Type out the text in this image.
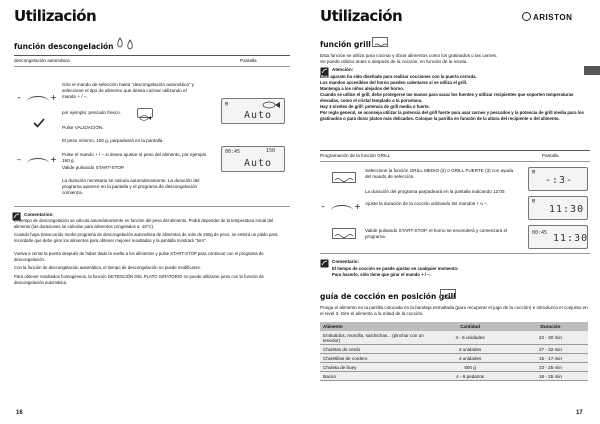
Utilización
función descongelación
descongelación automática	Pantalla
–	+
Gire el mando de selección hasta "descongelación automática" y seleccione el tipo de alimento que desea cocinar utilizando el mando + / –.
por ejemplo: pescado fresco.
Pulse VALIDACIÓN.
El peso mínimo, 100 g, parpadeará en la pantalla.
–	+
Pulse el mando + / – si desea ajustar el peso del alimento, por ejemplo 150 g.
Valide pulsando START-STOP.
La duración necesaria se calcula automáticamente. La duración del programa aparece en la pantalla y el programa de descongelación comienza.
▤
Auto
00:45	150
Auto
Comentarios:
El tiempo de descongelación se calcula automáticamente en función del peso del alimento. Podrá depender de la temperatura inicial del alimento (las duraciones se calculan para alimentos congelados a -18°C).
Cuando haya transcurrido medio programa de descongelación automática de alimentos de más de 250g de peso, se emitirá un pitido para recordarle que debe girar los alimentos para obtener mejores resultados y la pantalla mostrará "turn".
Vuelva a cerrar la puerta después de haber dado la vuelta a los alimentos y pulse START-STOP para continuar con el programa de descongelación.
Con la función de descongelación automática, el tiempo de descongelación no puede modificarse.
Para obtener resultados homogéneos, la función DETENCIÓN DEL PLATO GIRATORIO no puede utilizarse junto con la función de descongelación automática.
16
Utilización	ARISTON
función grill
Esta función se utiliza para cocinar y dorar alimentos como los gratinados o las carnes.
Se puede utilizar antes o después de la cocción, en función de la receta.
Atención:
Este aparato ha sido diseñado para realizar cocciones con la puerta cerrada.
Los mandos accesibles del horno pueden calentarse si se utiliza el grill.
Mantenga a los niños alejados del horno.
Cuando se utilice el grill, debe protegerse las manos para sacar los fuentes y utilizar recipientes que soporten temperaturas elevadas, como el cristal templado o la porcelana.
Hay 3 niveles de grill: potencia de grill media o fuerte.
Por regla general, se aconseja utilizar la potencia del grill fuerte para asar carnes y pescados y la potencia de grill media para los gratinados o para dorar platos más delicados. Coloque la parrilla en función de la altura del recipiente o del alimento.
Programación de la función GRILL	Pantalla
Seleccione la función GRILL MEDIO (2) o GRILL FUERTE (3) con ayuda del mando de selección.
–	+
La duración del programa parpadeará en la pantalla indicando 12:00.
Ajuste la duración de la cocción utilizando los mandos + o –.
Valide pulsando START-STOP, el horno se encenderá y comenzará el programa.
▤
-:3-
▤
11:30
00:45 11:30
Comentario:
El tiempo de cocción se puede ajustar en cualquier momento:
Para hacerlo, sólo tiene que girar el mando + / –.
guía de cocción en posición grill
Ponga el alimento en la parrilla colocada en la bandeja esmaltada (para recuperar el jugo de la cocción) e introduzca el conjunto en el nivel 3. Gire el alimento a la mitad de la cocción.
Alimento	Cantidad	Duración
Embutidos, morcilla, salchichas... (pinchar con un tenedor)	4 - 6 unidades	22 - 30 min
Chuletas de cerdo	4 unidades	27 - 32 min
Chuletillas de cordero	4 unidades	15 - 17 min
Chuleta de buey	800 g	23 - 25 min
Bacon	4 - 6 pedazos	18 - 25 min
17
